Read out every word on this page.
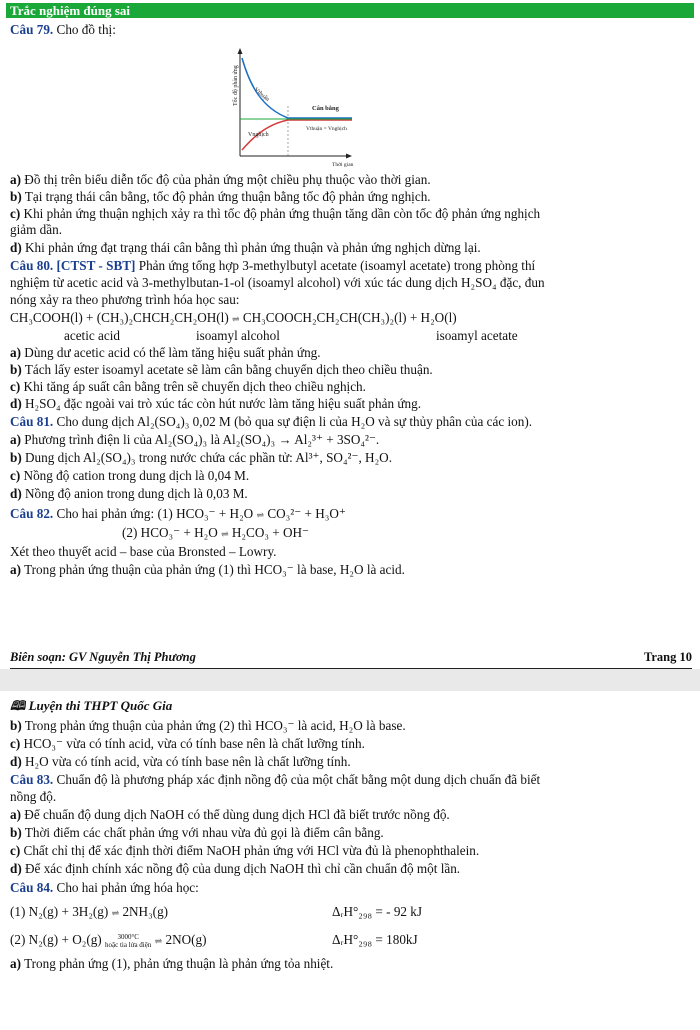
Trắc nghiệm đúng sai
Câu 79. Cho đồ thị:
Tốc độ phản ứng Vthuận
Vnghịch
Cân bằng
Vthuận = Vnghịch
Thời gian
a) Đồ thị trên biểu diễn tốc độ của phản ứng một chiều phụ thuộc vào thời gian.
b) Tại trạng thái cân bằng, tốc độ phản ứng thuận bằng tốc độ phản ứng nghịch.
c) Khi phản ứng thuận nghịch xảy ra thì tốc độ phản ứng thuận tăng dần còn tốc độ phản ứng nghịch
giảm dần.
d) Khi phản ứng đạt trạng thái cân bằng thì phản ứng thuận và phản ứng nghịch dừng lại.
Câu 80. [CTST - SBT] Phản ứng tổng hợp 3-methylbutyl acetate (isoamyl acetate) trong phòng thí
nghiệm từ acetic acid và 3-methylbutan-1-ol (isoamyl alcohol) với xúc tác dung dịch H₂SO₄ đặc, đun
nóng xảy ra theo phương trình hóa học sau:
CH₃COOH(l) + (CH₃)₂CHCH₂CH₂OH(l) ⇌ CH₃COOCH₂CH₂CH(CH₃)₂(l) + H₂O(l)
acetic acid	isoamyl alcohol	isoamyl acetate
a) Dùng dư acetic acid có thể làm tăng hiệu suất phản ứng.
b) Tách lấy ester isoamyl acetate sẽ làm cân bằng chuyển dịch theo chiều thuận.
c) Khi tăng áp suất cân bằng trên sẽ chuyển dịch theo chiều nghịch.
d) H₂SO₄ đặc ngoài vai trò xúc tác còn hút nước làm tăng hiệu suất phản ứng.
Câu 81. Cho dung dịch Al₂(SO₄)₃ 0,02 M (bỏ qua sự điện li của H₂O và sự thủy phân của các ion).
a) Phương trình điện li của Al₂(SO₄)₃ là Al₂(SO₄)₃ → Al₂³⁺ + 3SO₄²⁻.
b) Dung dịch Al₂(SO₄)₃ trong nước chứa các phần tử: Al³⁺, SO₄²⁻, H₂O.
c) Nồng độ cation trong dung dịch là 0,04 M.
d) Nồng độ anion trong dung dịch là 0,03 M.
Câu 82. Cho hai phản ứng: (1) HCO₃⁻ + H₂O ⇌ CO₃²⁻ + H₃O⁺
(2) HCO₃⁻ + H₂O ⇌ H₂CO₃ + OH⁻
Xét theo thuyết acid – base của Bronsted – Lowry.
a) Trong phản ứng thuận của phản ứng (1) thì HCO₃⁻ là base, H₂O là acid.
Biên soạn: GV Nguyễn Thị Phương	Trang 10
🕮 Luyện thi THPT Quốc Gia
b) Trong phản ứng thuận của phản ứng (2) thì HCO₃⁻ là acid, H₂O là base.
c) HCO₃⁻ vừa có tính acid, vừa có tính base nên là chất lưỡng tính.
d) H₂O vừa có tính acid, vừa có tính base nên là chất lưỡng tính.
Câu 83. Chuẩn độ là phương pháp xác định nồng độ của một chất bằng một dung dịch chuẩn đã biết
nồng độ.
a) Để chuẩn độ dung dịch NaOH có thể dùng dung dịch HCl đã biết trước nồng độ.
b) Thời điểm các chất phản ứng với nhau vừa đủ gọi là điểm cân bằng.
c) Chất chỉ thị để xác định thời điểm NaOH phản ứng với HCl vừa đủ là phenophthalein.
d) Để xác định chính xác nồng độ của dung dịch NaOH thì chỉ cần chuẩn độ một lần.
Câu 84. Cho hai phản ứng hóa học:
(1) N₂(g) + 3H₂(g) ⇌ 2NH₃(g)	ΔᵣH°₂₉₈ = - 92 kJ
(2) N₂(g) + O₂(g) 3000°C
hoặc tia lửa điện ⇌ 2NO(g)	ΔᵣH°₂₉₈ = 180kJ
a) Trong phản ứng (1), phản ứng thuận là phản ứng tỏa nhiệt.
